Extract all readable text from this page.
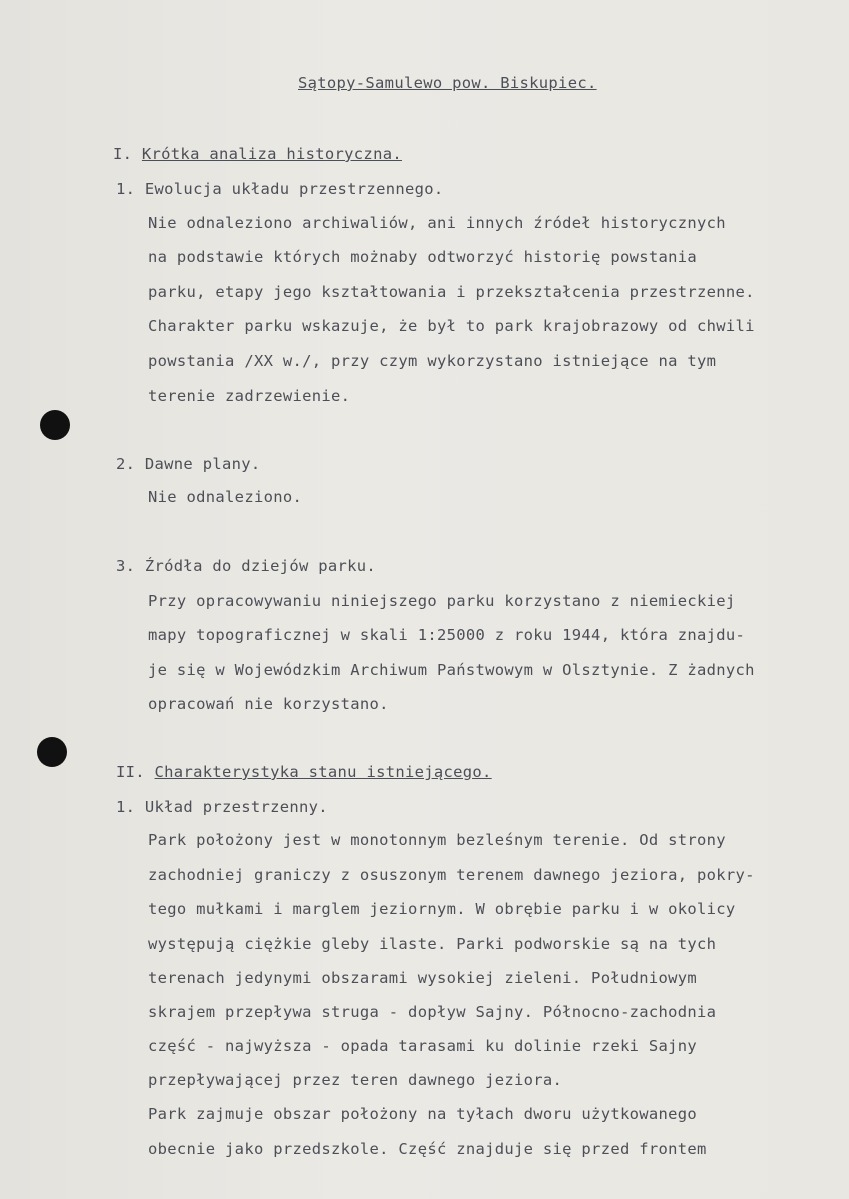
Sątopy-Samulewo pow. Biskupiec.
I. Krótka analiza historyczna.
1. Ewolucja układu przestrzennego.
Nie odnaleziono archiwaliów, ani innych źródeł historycznych
na podstawie których możnaby odtworzyć historię powstania
parku, etapy jego kształtowania i przekształcenia przestrzenne.
Charakter parku wskazuje, że był to park krajobrazowy od chwili
powstania /XX w./, przy czym wykorzystano istniejące na tym
terenie zadrzewienie.
2. Dawne plany.
Nie odnaleziono.
3. Źródła do dziejów parku.
Przy opracowywaniu niniejszego parku korzystano z niemieckiej
mapy topograficznej w skali 1:25000 z roku 1944, która znajdu-
je się w Wojewódzkim Archiwum Państwowym w Olsztynie. Z żadnych
opracowań nie korzystano.
II. Charakterystyka stanu istniejącego.
1. Układ przestrzenny.
Park położony jest w monotonnym bezleśnym terenie. Od strony
zachodniej graniczy z osuszonym terenem dawnego jeziora, pokry-
tego mułkami i marglem jeziornym. W obrębie parku i w okolicy
występują ciężkie gleby ilaste. Parki podworskie są na tych
terenach jedynymi obszarami wysokiej zieleni. Południowym
skrajem przepływa struga - dopływ Sajny. Północno-zachodnia
część - najwyższa - opada tarasami ku dolinie rzeki Sajny
przepływającej przez teren dawnego jeziora.
Park zajmuje obszar położony na tyłach dworu użytkowanego
obecnie jako przedszkole. Część znajduje się przed frontem
